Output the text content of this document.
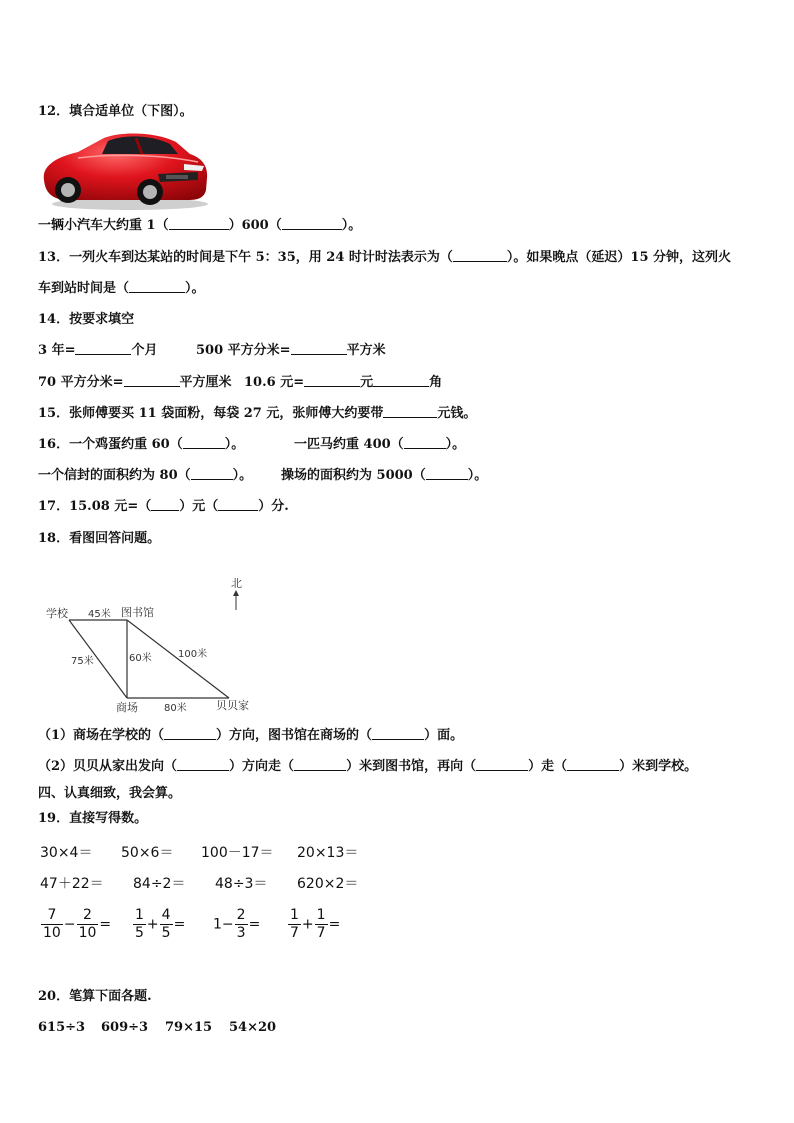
12．填合适单位（下图）。
一辆小汽车大约重 1（	）600（	）。
13．一列火车到达某站的时间是下午 5：35，用 24 时计时法表示为（	）。如果晚点（延迟）15 分钟，这列火
车到站时间是（	）。
14．按要求填空
3 年=	个月	500 平方分米=	平方米
70 平方分米=	平方厘米 10.6 元=	元	角
15．张师傅要买 11 袋面粉，每袋 27 元，张师傅大约要带	元钱。
16．一个鸡蛋约重 60（	）。	一匹马约重 400（	）。
一个信封的面积约为 80（	）。 操场的面积约为 5000（	）。
17．15.08 元=（ ）元（	）分.
18．看图回答问题。
北
学校	图书馆
商场	贝贝家
45米
75米	60米	100米
80米
（1）商场在学校的（	）方向，图书馆在商场的（	）面。
（2）贝贝从家出发向（	）方向走（	）米到图书馆，再向（	）走（	）米到学校。
四、认真细致，我会算。
19．直接写得数。
30×4＝ 50×6＝ 100－17＝ 20×13＝
47＋22＝ 84÷2＝ 48÷3＝ 620×2＝
$\frac{7}{10} - \frac{2}{10} = \frac{1}{5} + \frac{4}{5} = 1- \frac{2}{3} = \frac{1}{7} + \frac{1}{7}$ =
20．笔算下面各题.
615÷3 609÷3 79×15 54×20
